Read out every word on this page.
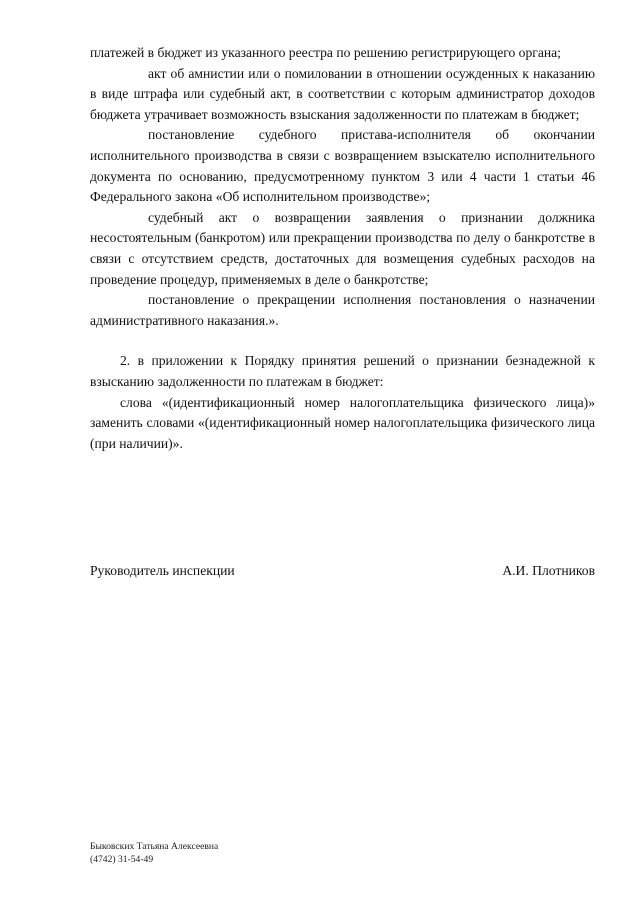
платежей в бюджет из указанного реестра по решению регистрирующего органа;

акт об амнистии или о помиловании в отношении осужденных к наказанию в виде штрафа или судебный акт, в соответствии с которым администратор доходов бюджета утрачивает возможность взыскания задолженности по платежам в бюджет;

постановление судебного пристава-исполнителя об окончании исполнительного производства в связи с возвращением взыскателю исполнительного документа по основанию, предусмотренному пунктом 3 или 4 части 1 статьи 46 Федерального закона «Об исполнительном производстве»;

судебный акт о возвращении заявления о признании должника несостоятельным (банкротом) или прекращении производства по делу о банкротстве в связи с отсутствием средств, достаточных для возмещения судебных расходов на проведение процедур, применяемых в деле о банкротстве;

постановление о прекращении исполнения постановления о назначении административного наказания.».

2. в приложении к Порядку принятия решений о признании безнадежной к взысканию задолженности по платежам в бюджет:

слова «(идентификационный номер налогоплательщика физического лица)» заменить словами «(идентификационный номер налогоплательщика физического лица (при наличии)».

Руководитель инспекции	А.И. Плотников
Быковских Татьяна Алексеевна
(4742) 31-54-49
